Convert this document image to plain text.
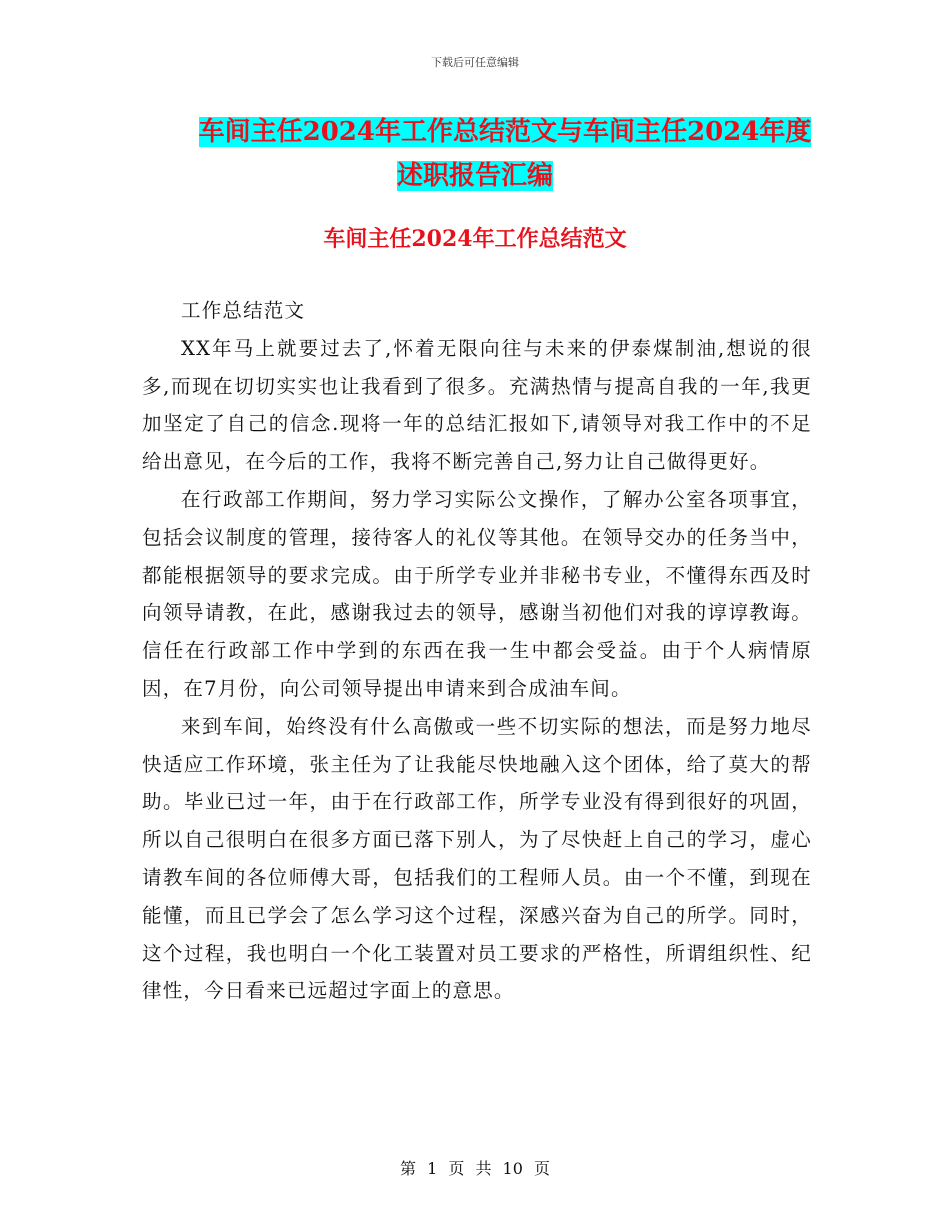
下载后可任意编辑
车间主任2024年工作总结范文与车间主任2024年度
述职报告汇编
车间主任2024年工作总结范文

工作总结范文

XX年马上就要过去了,怀着无限向往与未来的伊泰煤制油,想说的很多,而现在切切实实也让我看到了很多。充满热情与提高自我的一年,我更加坚定了自己的信念.现将一年的总结汇报如下,请领导对我工作中的不足给出意见，在今后的工作，我将不断完善自己,努力让自己做得更好。

在行政部工作期间，努力学习实际公文操作，了解办公室各项事宜，包括会议制度的管理，接待客人的礼仪等其他。在领导交办的任务当中，都能根据领导的要求完成。由于所学专业并非秘书专业，不懂得东西及时向领导请教，在此，感谢我过去的领导，感谢当初他们对我的谆谆教诲。信任在行政部工作中学到的东西在我一生中都会受益。由于个人病情原因，在7月份，向公司领导提出申请来到合成油车间。

来到车间，始终没有什么高傲或一些不切实际的想法，而是努力地尽快适应工作环境，张主任为了让我能尽快地融入这个团体，给了莫大的帮助。毕业已过一年，由于在行政部工作，所学专业没有得到很好的巩固，所以自己很明白在很多方面已落下别人，为了尽快赶上自己的学习，虚心请教车间的各位师傅大哥，包括我们的工程师人员。由一个不懂，到现在能懂，而且已学会了怎么学习这个过程，深感兴奋为自己的所学。同时，这个过程，我也明白一个化工装置对员工要求的严格性，所谓组织性、纪律性，今日看来已远超过字面上的意思。

第 1 页 共 10 页
